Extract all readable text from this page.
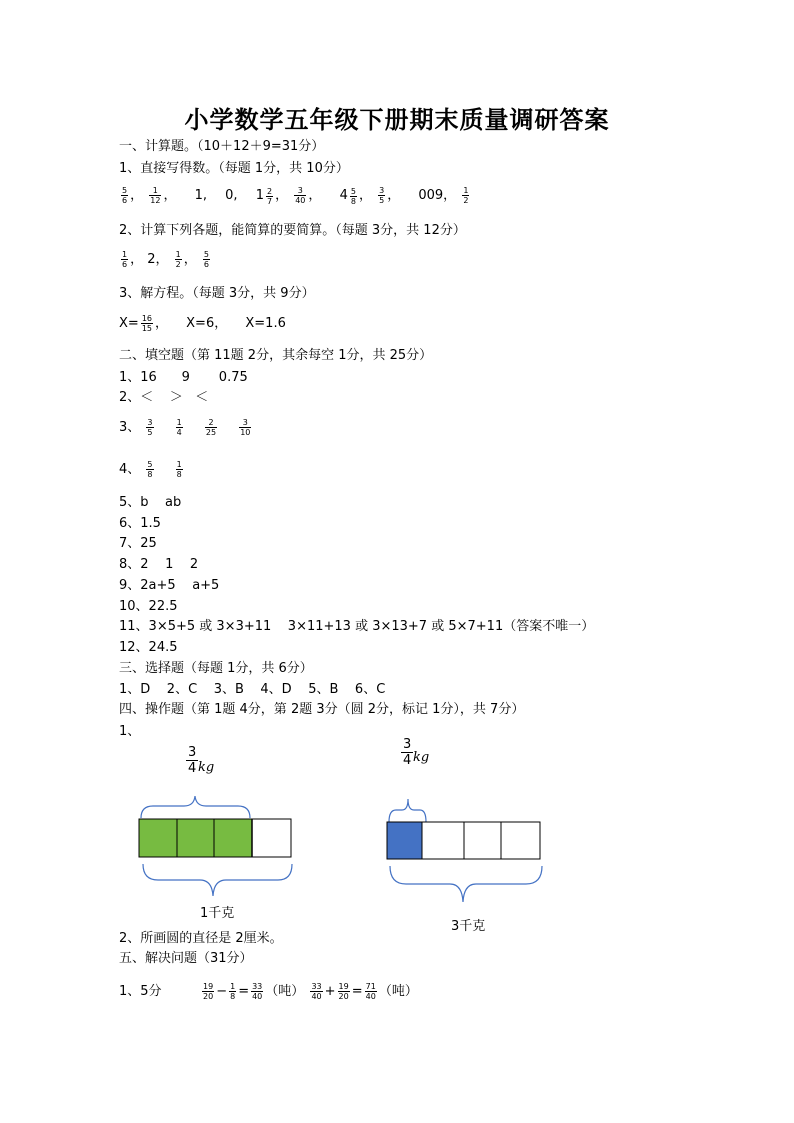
小学数学五年级下册期末质量调研答案
一、计算题。（10＋12＋9=31分）
1、直接写得数。（每题 1分，共 10分）
$\frac{5}{6}$ ， $\frac{1}{12}$ ， 1, 0, $1 \frac{2}{7}$ ， $\frac{3}{40}$ ， $4 \frac{5}{8}$ ， $\frac{3}{5}$ ， 009， $\frac{1}{2}$
2、计算下列各题，能简算的要简算。（每题 3分，共 12分）
$\frac{1}{6}$ ， 2， $\frac{1}{2}$ ， $\frac{5}{6}$
3、解方程。（每题 3分，共 9分）
$X= \frac{16}{15}$ ， X=6， X=1.6
二、填空题（第 11题 2分，其余每空 1分，共 25分）
1、16      9       0.75
2、＜    ＞   ＜
3、 $\frac{3}{5}$
	$\frac{1}{4}$
	$\frac{2}{25}$
	$\frac{3}{10}$
4、 $\frac{5}{8}$
	$\frac{1}{8}$
5、b    ab
6、1.5
7、25
8、2    1    2
9、2a+5    a+5
10、22.5
11、3×5+5 或 3×3+11    3×11+13 或 3×13+7 或 5×7+11（答案不唯一）
12、24.5
三、选择题（每题 1分，共 6分）
1、D    2、C    3、B    4、D    5、B    6、C
四、操作题（第 1题 4分，第 2题 3分（圆 2分，标记 1分），共 7分）
1、
3
4 kg
3
4 kg
1千克
3千克
2、所画圆的直径是 2厘米。
五、解决问题（31分）
1、5分	$\frac{19}{20} - \frac{1}{8} = \frac{33}{40}$ （吨） $\frac{33}{40} + \frac{19}{20} = \frac{71}{40}$ （吨）
